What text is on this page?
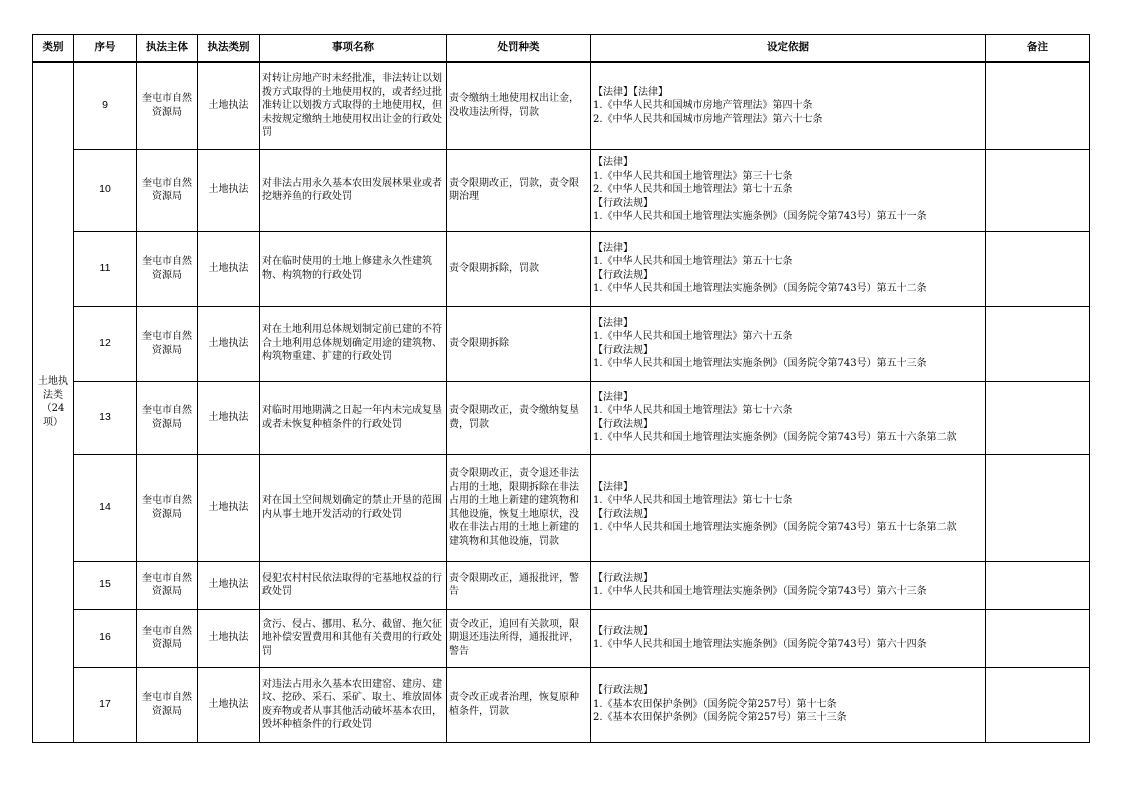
类别	序号	执法主体	执法类别	事项名称	处罚种类	设定依据	备注
土地执法类（24项）	9	奎屯市自然资源局	土地执法	对转让房地产时未经批准，非法转让以划拨方式取得的土地使用权的，或者经过批准转让以划拨方式取得的土地使用权，但未按规定缴纳土地使用权出让金的行政处罚	责令缴纳土地使用权出让金，没收违法所得，罚款	【法律】【法律】
1.《中华人民共和国城市房地产管理法》第四十条
2.《中华人民共和国城市房地产管理法》第六十七条	

	10	奎屯市自然资源局	土地执法	对非法占用永久基本农田发展林果业或者挖塘养鱼的行政处罚	责令限期改正，罚款，责令限期治理	【法律】
1.《中华人民共和国土地管理法》第三十七条
2.《中华人民共和国土地管理法》第七十五条
【行政法规】
1.《中华人民共和国土地管理法实施条例》（国务院令第743号）第五十一条	

	11	奎屯市自然资源局	土地执法	对在临时使用的土地上修建永久性建筑物、构筑物的行政处罚	责令限期拆除，罚款	【法律】
1.《中华人民共和国土地管理法》第五十七条
【行政法规】
1.《中华人民共和国土地管理法实施条例》（国务院令第743号）第五十二条	

	12	奎屯市自然资源局	土地执法	对在土地利用总体规划制定前已建的不符合土地利用总体规划确定用途的建筑物、构筑物重建、扩建的行政处罚	责令限期拆除	【法律】
1.《中华人民共和国土地管理法》第六十五条
【行政法规】
1.《中华人民共和国土地管理法实施条例》（国务院令第743号）第五十三条	

	13	奎屯市自然资源局	土地执法	对临时用地期满之日起一年内未完成复垦或者未恢复种植条件的行政处罚	责令限期改正，责令缴纳复垦费，罚款	【法律】
1.《中华人民共和国土地管理法》第七十六条
【行政法规】
1.《中华人民共和国土地管理法实施条例》（国务院令第743号）第五十六条第二款	

	14	奎屯市自然资源局	土地执法	对在国土空间规划确定的禁止开垦的范围内从事土地开发活动的行政处罚	责令限期改正，责令退还非法占用的土地，限期拆除在非法占用的土地上新建的建筑物和其他设施，恢复土地原状，没收在非法占用的土地上新建的建筑物和其他设施，罚款	【法律】
1.《中华人民共和国土地管理法》第七十七条
【行政法规】
1.《中华人民共和国土地管理法实施条例》（国务院令第743号）第五十七条第二款	

	15	奎屯市自然资源局	土地执法	侵犯农村村民依法取得的宅基地权益的行政处罚	责令限期改正，通报批评，警告	【行政法规】
1.《中华人民共和国土地管理法实施条例》（国务院令第743号）第六十三条	

	16	奎屯市自然资源局	土地执法	贪污、侵占、挪用、私分、截留、拖欠征地补偿安置费用和其他有关费用的行政处罚	责令改正，追回有关款项，限期退还违法所得，通报批评，警告	【行政法规】
1.《中华人民共和国土地管理法实施条例》（国务院令第743号）第六十四条	

	17	奎屯市自然资源局	土地执法	对违法占用永久基本农田建窑、建房、建坟、挖砂、采石、采矿、取土、堆放固体废弃物或者从事其他活动破坏基本农田，毁坏种植条件的行政处罚	责令改正或者治理，恢复原种植条件，罚款	【行政法规】
1.《基本农田保护条例》（国务院令第257号）第十七条
2.《基本农田保护条例》（国务院令第257号）第三十三条	
